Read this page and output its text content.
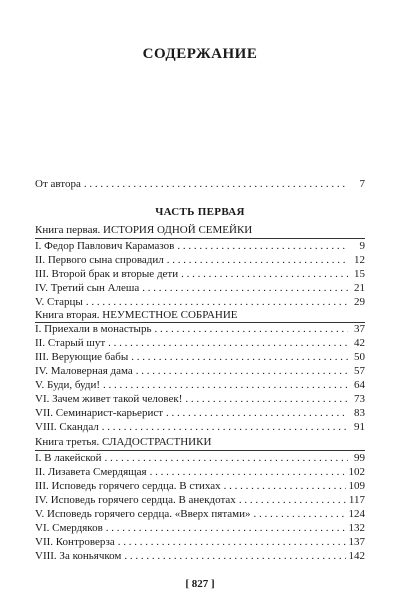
СОДЕРЖАНИЕ
От автора . . .	7
ЧАСТЬ ПЕРВАЯ
Книга первая. ИСТОРИЯ ОДНОЙ СЕМЕЙКИ
I. Федор Павлович Карамазов . . .	9
II. Первого сына спровадил . . .	12
III. Второй брак и вторые дети . . .	15
IV. Третий сын Алеша . . .	21
V. Старцы . . .	29
Книга вторая. НЕУМЕСТНОЕ СОБРАНИЕ
I. Приехали в монастырь . . .	37
II. Старый шут . . .	42
III. Верующие бабы . . .	50
IV. Маловерная дама . . .	57
V. Буди, буди! . . .	64
VI. Зачем живет такой человек! . . .	73
VII. Семинарист-карьерист . . .	83
VIII. Скандал . . .	91
Книга третья. СЛАДОСТРАСТНИКИ
I. В лакейской . . .	99
II. Лизавета Смердящая . . .	102
III. Исповедь горячего сердца. В стихах . . .	109
IV. Исповедь горячего сердца. В анекдотах . . .	117
V. Исповедь горячего сердца. «Вверх пятами» . . .	124
VI. Смердяков . . .	132
VII. Контроверза . . .	137
VIII. За коньячком . . .	142
[ 827 ]
